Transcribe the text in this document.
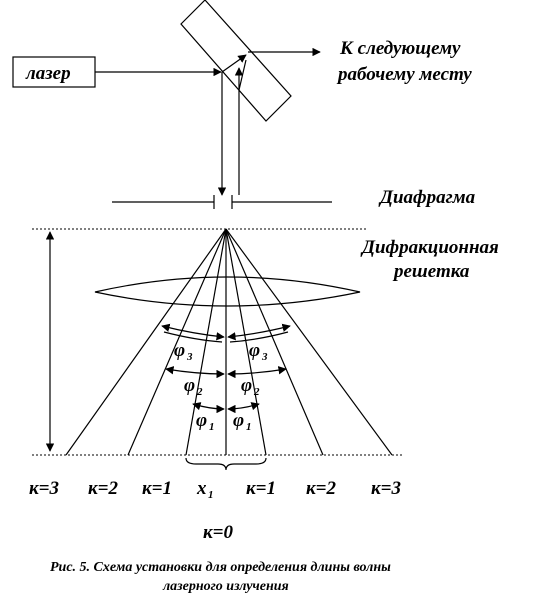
лазер
К следующему
рабочему месту
Диафрагма
Дифракционная
решетка
φ 3	φ 3
φ 2 φ 2
φ 1 φ 1
к=3 к=2 к=1 x 1 к=1 к=2 к=3
к=0
Рис. 5. Схема установки для определения длины волны
лазерного излучения
